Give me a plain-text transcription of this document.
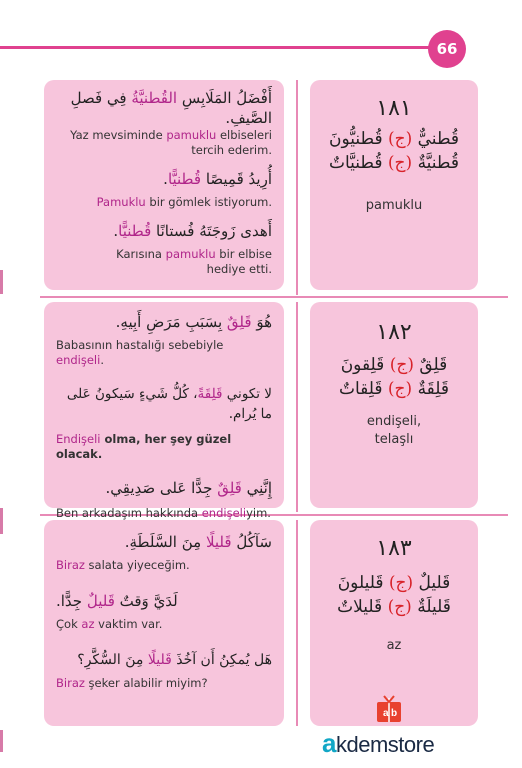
66

أَفْضَلُ المَلَابِسِ القُطنيَّةُ فِي فَصلِ الصَّيفِ.

Yaz mevsiminde pamuklu elbiseleri

tercih ederim.

أُرِيدُ قَمِيصًا قُطنيًّا.

Pamuklu bir gömlek istiyorum.

أَهدى زَوجَتَهُ فُستانًا قُطنيًّا.

Karısına pamuklu bir elbise

hediye etti.

١٨١
قُطنيٌّ (ج) قُطنيُّونَ
قُطنيَّةٌ (ج) قُطنيَّاتٌ
pamuklu

هُوَ قَلِقٌ بِسَبَبِ مَرَضِ أَبِيهِ.

Babasının hastalığı sebebiyle endişeli.

لا تكوني قَلِقَةً، كُلُّ شَيءٍ سَيكونُ عَلى ما يُرام.

Endişeli olma, her şey güzel olacak.

إِنَّنِي قَلِقٌ جِدًّا عَلى صَدِيقِي.

Ben arkadaşım hakkında endişeliyim.

١٨٢
قَلِقٌ (ج) قَلِقونَ
قَلِقَةٌ (ج) قَلِقاتٌ
endişeli,
telaşlı

سَآكُلُ قَليلًا مِنَ السَّلَطَةِ.

Biraz salata yiyeceğim.

لَدَيَّ وَقتٌ قَليلٌ جِدًّا.

Çok az vaktim var.

هَل يُمكِنُ أَن آخُذَ قَليلًا مِنَ السُّكَّرِ؟

Biraz şeker alabilir miyim?

١٨٣
قَليلٌ (ج) قَليلونَ
قَليلَةٌ (ج) قَليلاتٌ
az
a b
akdemstore
